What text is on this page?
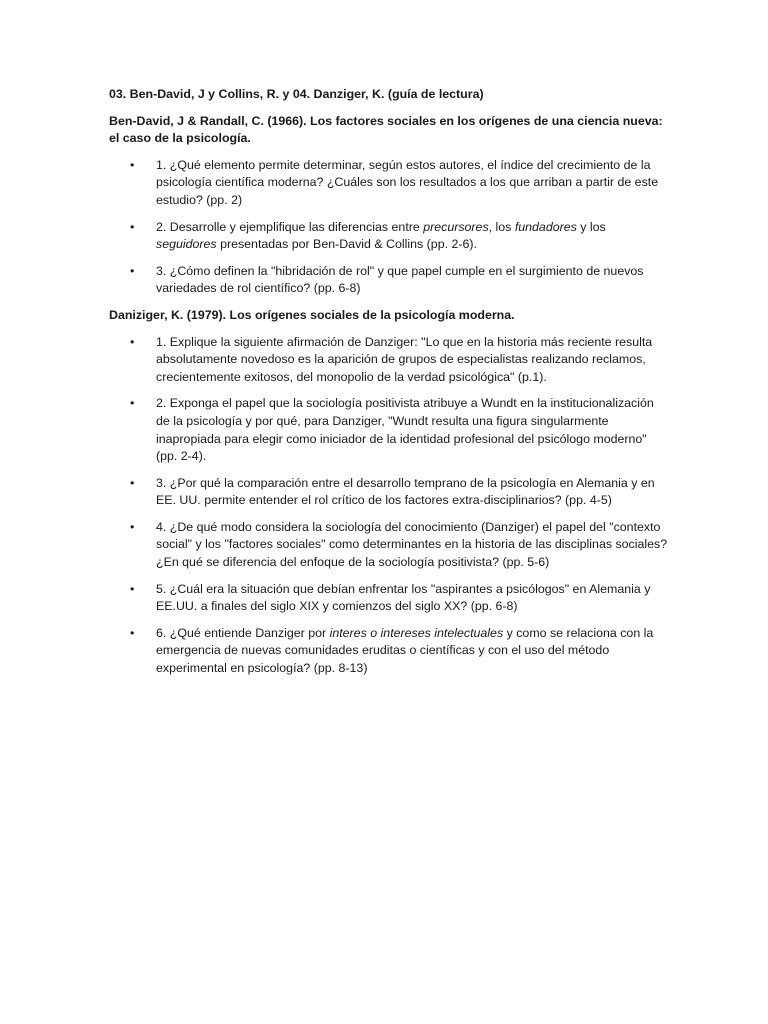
03. Ben-David, J y Collins, R. y 04. Danziger, K. (guía de lectura)

Ben-David, J & Randall, C. (1966). Los factores sociales en los orígenes de una ciencia nueva: el caso de la psicología.

• 1. ¿Qué elemento permite determinar, según estos autores, el índice del crecimiento de la psicología científica moderna? ¿Cuáles son los resultados a los que arriban a partir de este estudio? (pp. 2)
• 2. Desarrolle y ejemplifique las diferencias entre precursores, los fundadores y los seguidores presentadas por Ben-David & Collins (pp. 2-6).
• 3. ¿Cómo definen la "hibridación de rol" y que papel cumple en el surgimiento de nuevos variedades de rol científico? (pp. 6-8)

Daniziger, K. (1979). Los orígenes sociales de la psicología moderna.

• 1. Explique la siguiente afirmación de Danziger: "Lo que en la historia más reciente resulta absolutamente novedoso es la aparición de grupos de especialistas realizando reclamos, crecientemente exitosos, del monopolio de la verdad psicológica" (p.1).
• 2. Exponga el papel que la sociología positivista atribuye a Wundt en la institucionalización de la psicología y por qué, para Danziger, "Wundt resulta una figura singularmente inapropiada para elegir como iniciador de la identidad profesional del psicólogo moderno" (pp. 2-4).
• 3. ¿Por qué la comparación entre el desarrollo temprano de la psicología en Alemania y en EE. UU. permite entender el rol crítico de los factores extra-disciplinarios? (pp. 4-5)
• 4. ¿De qué modo considera la sociología del conocimiento (Danziger) el papel del "contexto social" y los "factores sociales" como determinantes en la historia de las disciplinas sociales? ¿En qué se diferencia del enfoque de la sociología positivista? (pp. 5-6)
• 5. ¿Cuál era la situación que debían enfrentar los "aspirantes a psicólogos" en Alemania y EE.UU. a finales del siglo XIX y comienzos del siglo XX? (pp. 6-8)
• 6. ¿Qué entiende Danziger por interes o intereses intelectuales y como se relaciona con la emergencia de nuevas comunidades eruditas o científicas y con el uso del método experimental en psicología? (pp. 8-13)
